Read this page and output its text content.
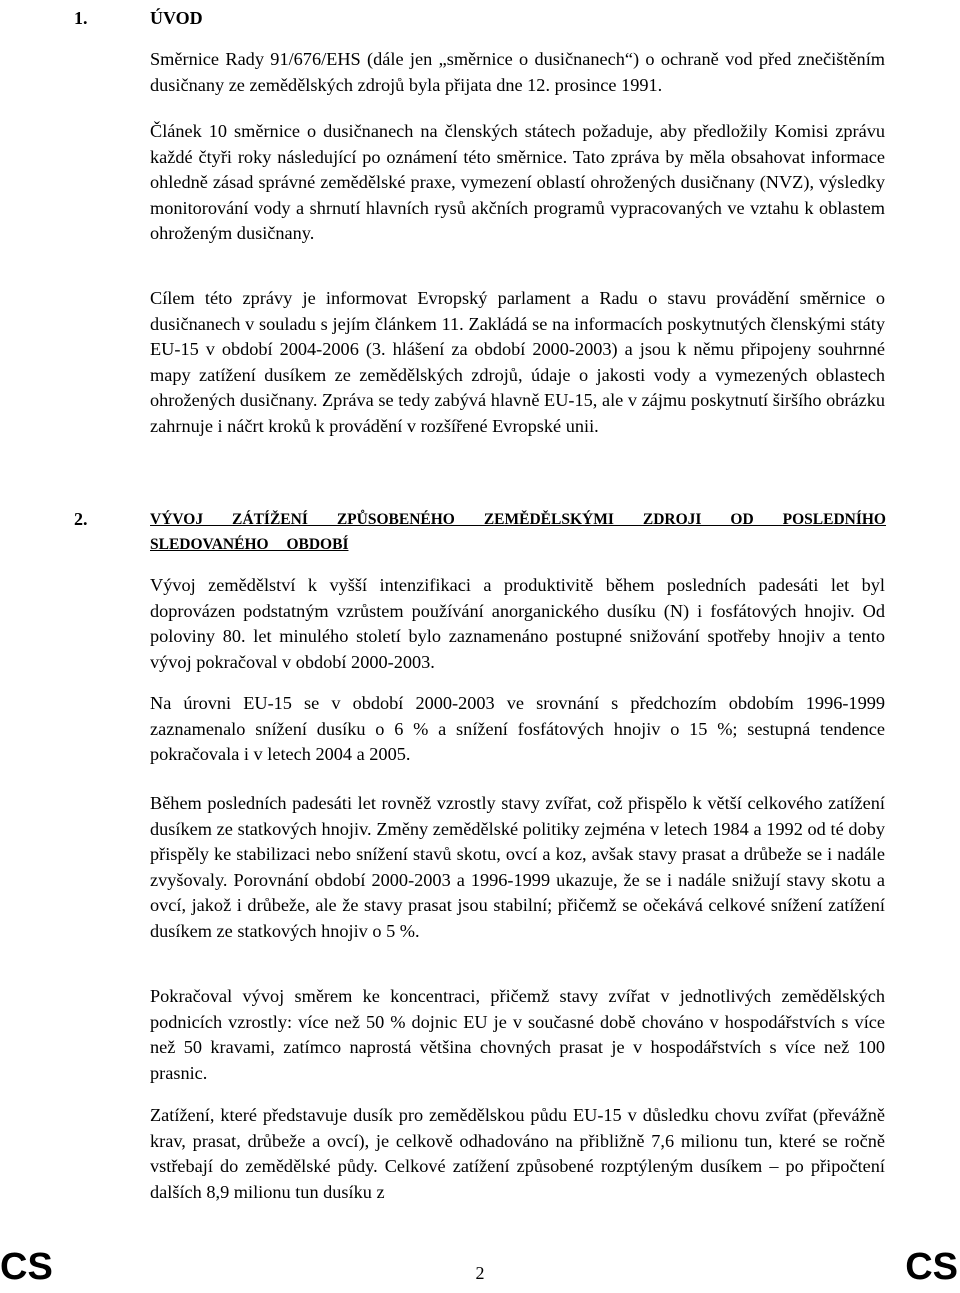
1.	ÚVOD

Směrnice Rady 91/676/EHS (dále jen „směrnice o dusičnanech“) o ochraně vod před znečištěním dusičnany ze zemědělských zdrojů byla přijata dne 12. prosince 1991.

Článek 10 směrnice o dusičnanech na členských státech požaduje, aby předložily Komisi zprávu každé čtyři roky následující po oznámení této směrnice. Tato zpráva by měla obsahovat informace ohledně zásad správné zemědělské praxe, vymezení oblastí ohrožených dusičnany (NVZ), výsledky monitorování vody a shrnutí hlavních rysů akčních programů vypracovaných ve vztahu k oblastem ohroženým dusičnany.

Cílem této zprávy je informovat Evropský parlament a Radu o stavu provádění směrnice o dusičnanech v souladu s jejím článkem 11. Zakládá se na informacích poskytnutých členskými státy EU-15 v období 2004-2006 (3. hlášení za období 2000-2003) a jsou k němu připojeny souhrnné mapy zatížení dusíkem ze zemědělských zdrojů, údaje o jakosti vody a vymezených oblastech ohrožených dusičnany. Zpráva se tedy zabývá hlavně EU-15, ale v zájmu poskytnutí širšího obrázku zahrnuje i náčrt kroků k provádění v rozšířené Evropské unii.

2.	VÝVOJ ZÁTÍŽENÍ ZPŮSOBENÉHO ZEMĚDĚLSKÝMI ZDROJI OD POSLEDNÍHO SLEDOVANÉHO OBDOBÍ

Vývoj zemědělství k vyšší intenzifikaci a produktivitě během posledních padesáti let byl doprovázen podstatným vzrůstem používání anorganického dusíku (N) i fosfátových hnojiv. Od poloviny 80. let minulého století bylo zaznamenáno postupné snižování spotřeby hnojiv a tento vývoj pokračoval v období 2000-2003.

Na úrovni EU-15 se v období 2000-2003 ve srovnání s předchozím obdobím 1996-1999 zaznamenalo snížení dusíku o 6 % a snížení fosfátových hnojiv o 15 %; sestupná tendence pokračovala i v letech 2004 a 2005.

Během posledních padesáti let rovněž vzrostly stavy zvířat, což přispělo k větší celkového zatížení dusíkem ze statkových hnojiv. Změny zemědělské politiky zejména v letech 1984 a 1992 od té doby přispěly ke stabilizaci nebo snížení stavů skotu, ovcí a koz, avšak stavy prasat a drůbeže se i nadále zvyšovaly. Porovnání období 2000-2003 a 1996-1999 ukazuje, že se i nadále snižují stavy skotu a ovcí, jakož i drůbeže, ale že stavy prasat jsou stabilní; přičemž se očekává celkové snížení zatížení dusíkem ze statkových hnojiv o 5 %.

Pokračoval vývoj směrem ke koncentraci, přičemž stavy zvířat v jednotlivých zemědělských podnicích vzrostly: více než 50 % dojnic EU je v současné době chováno v hospodářstvích s více než 50 kravami, zatímco naprostá většina chovných prasat je v hospodářstvích s více než 100 prasnic.

Zatížení, které představuje dusík pro zemědělskou půdu EU-15 v důsledku chovu zvířat (převážně krav, prasat, drůbeže a ovcí), je celkově odhadováno na přibližně 7,6 milionu tun, které se ročně vstřebají do zemědělské půdy. Celkové zatížení způsobené rozptýleným dusíkem – po připočtení dalších 8,9 milionu tun dusíku z

CS	2	CS
